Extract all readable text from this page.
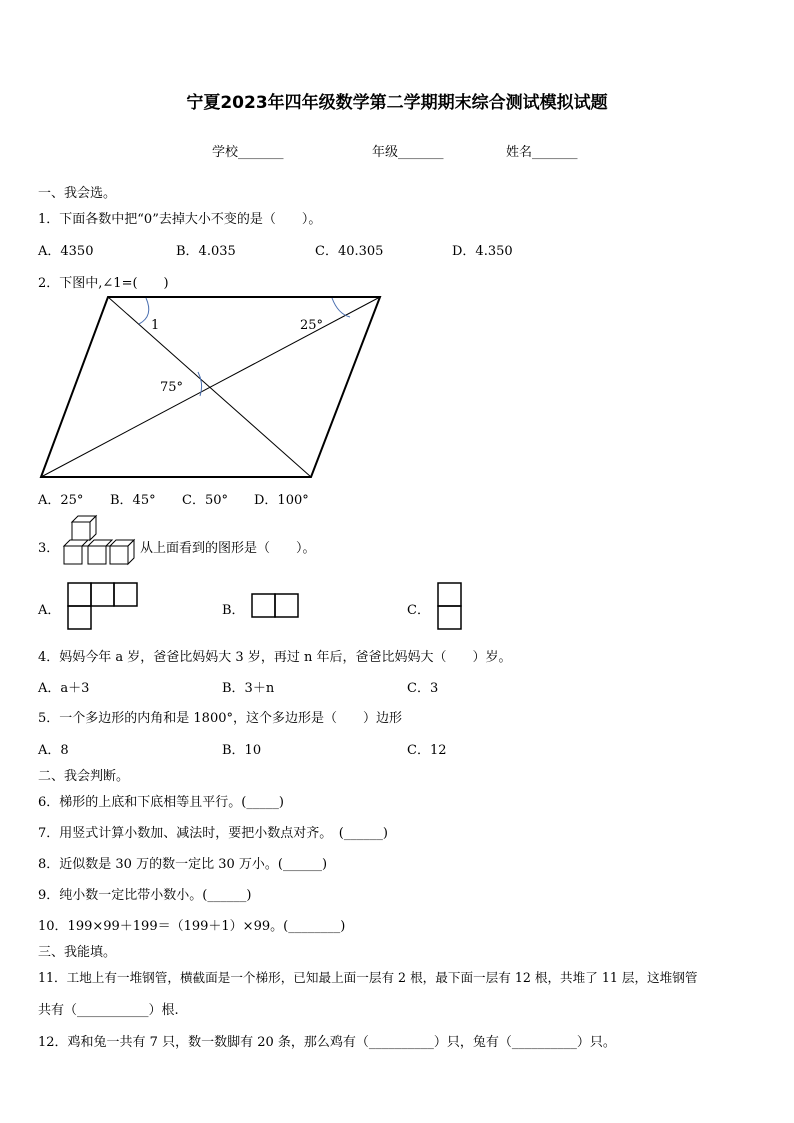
宁夏2023年四年级数学第二学期期末综合测试模拟试题
学校_______	年级_______	姓名_______
一、我会选。
1．下面各数中把“0”去掉大小不变的是（　　）。
A．4350	B．4.035	C．40.305	D．4.350
2．下图中,∠1=(　　)
1	25°
75°
A．25° B．45° C．50° D．100°
3．	从上面看到的图形是（　　）。
A．	B．	C．
4．妈妈今年 a 岁，爸爸比妈妈大 3 岁，再过 n 年后，爸爸比妈妈大（　　）岁。
A．a＋3	B．3＋n	C．3
5．一个多边形的内角和是 1800°，这个多边形是（　　）边形
A．8	B．10	C．12
二、我会判断。
6．梯形的上底和下底相等且平行。(_____)
7．用竖式计算小数加、减法时，要把小数点对齐。　(______)
8．近似数是 30 万的数一定比 30 万小。(______)
9．纯小数一定比带小数小。(______)
10．199×99＋199＝（199＋1）×99。(________)
三、我能填。
11．工地上有一堆钢管，横截面是一个梯形，已知最上面一层有 2 根，最下面一层有 12 根，共堆了 11 层，这堆钢管
共有（___________）根.
12．鸡和兔一共有 7 只，数一数脚有 20 条，那么鸡有（__________）只，兔有（__________）只。
